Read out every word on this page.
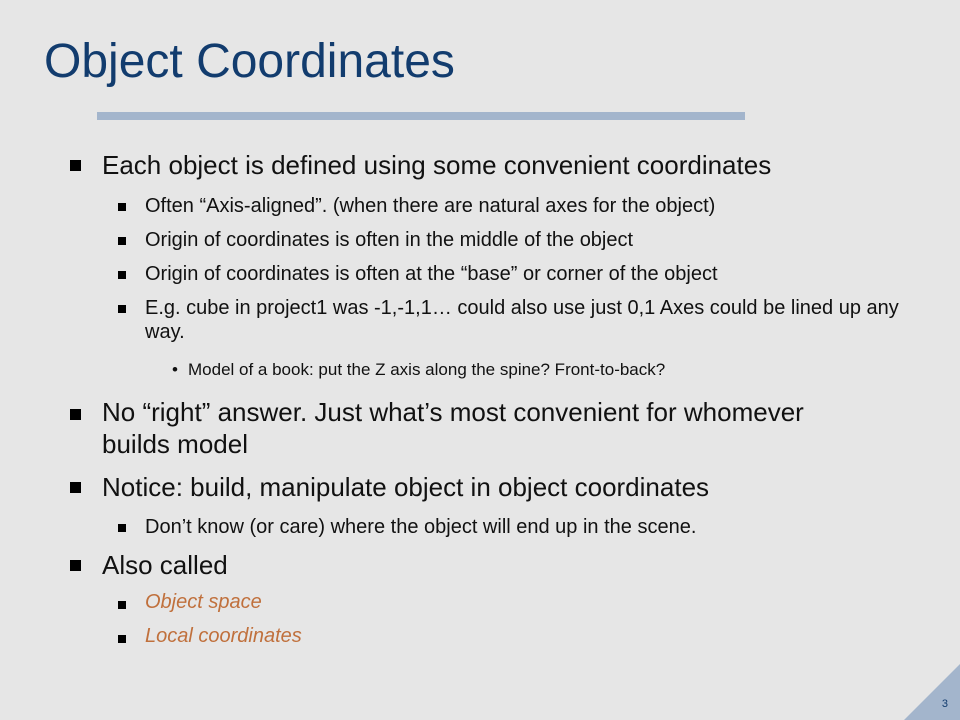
Object Coordinates
Each object is defined using some convenient coordinates
Often “Axis-aligned”. (when there are natural axes for the object)
Origin of coordinates is often in the middle of the object
Origin of coordinates is often at the “base” or corner of the object
E.g. cube in project1 was -1,-1,1… could also use just 0,1 Axes could be lined up any way.
• Model of a book: put the Z axis along the spine? Front-to-back?
No “right” answer. Just what’s most convenient for whomever builds model
Notice: build, manipulate object in object coordinates
Don’t know (or care) where the object will end up in the scene.
Also called
Object space
Local coordinates
3
